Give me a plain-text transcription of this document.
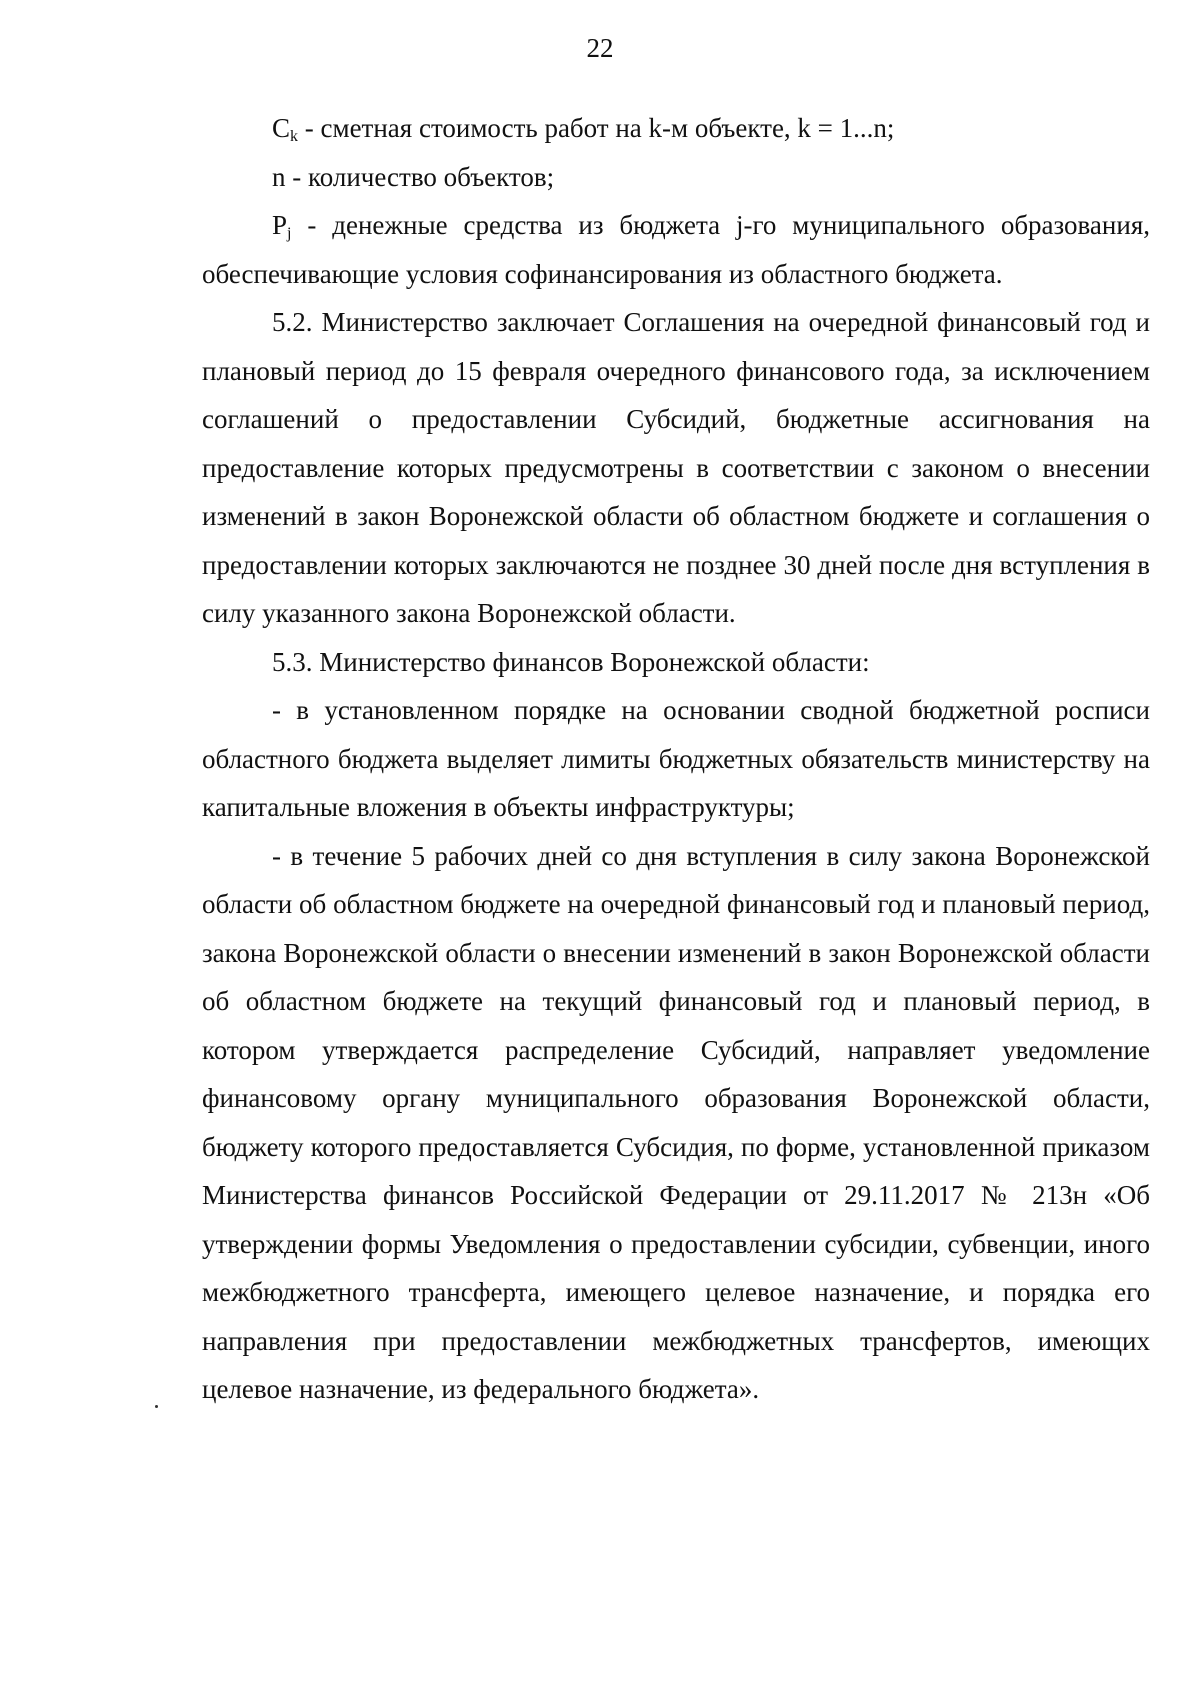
22

$C_k$ - сметная стоимость работ на k-м объекте, k = 1...n;

n - количество объектов;

$P_j$ - денежные средства из бюджета j-го муниципального образования, обеспечивающие условия софинансирования из областного бюджета.

5.2. Министерство заключает Соглашения на очередной финансовый год и плановый период до 15 февраля очередного финансового года, за исключением соглашений о предоставлении Субсидий, бюджетные ассигнования на предоставление которых предусмотрены в соответствии с законом о внесении изменений в закон Воронежской области об областном бюджете и соглашения о предоставлении которых заключаются не позднее 30 дней после дня вступления в силу указанного закона Воронежской области.

5.3. Министерство финансов Воронежской области:

- в установленном порядке на основании сводной бюджетной росписи областного бюджета выделяет лимиты бюджетных обязательств министерству на капитальные вложения в объекты инфраструктуры;

- в течение 5 рабочих дней со дня вступления в силу закона Воронежской области об областном бюджете на очередной финансовый год и плановый период, закона Воронежской области о внесении изменений в закон Воронежской области об областном бюджете на текущий финансовый год и плановый период, в котором утверждается распределение Субсидий, направляет уведомление финансовому органу муниципального образования Воронежской области, бюджету которого предоставляется Субсидия, по форме, установленной приказом Министерства финансов Российской Федерации от 29.11.2017 № 213н «Об утверждении формы Уведомления о предоставлении субсидии, субвенции, иного межбюджетного трансферта, имеющего целевое назначение, и порядка его направления при предоставлении межбюджетных трансфертов, имеющих целевое назначение, из федерального бюджета».
